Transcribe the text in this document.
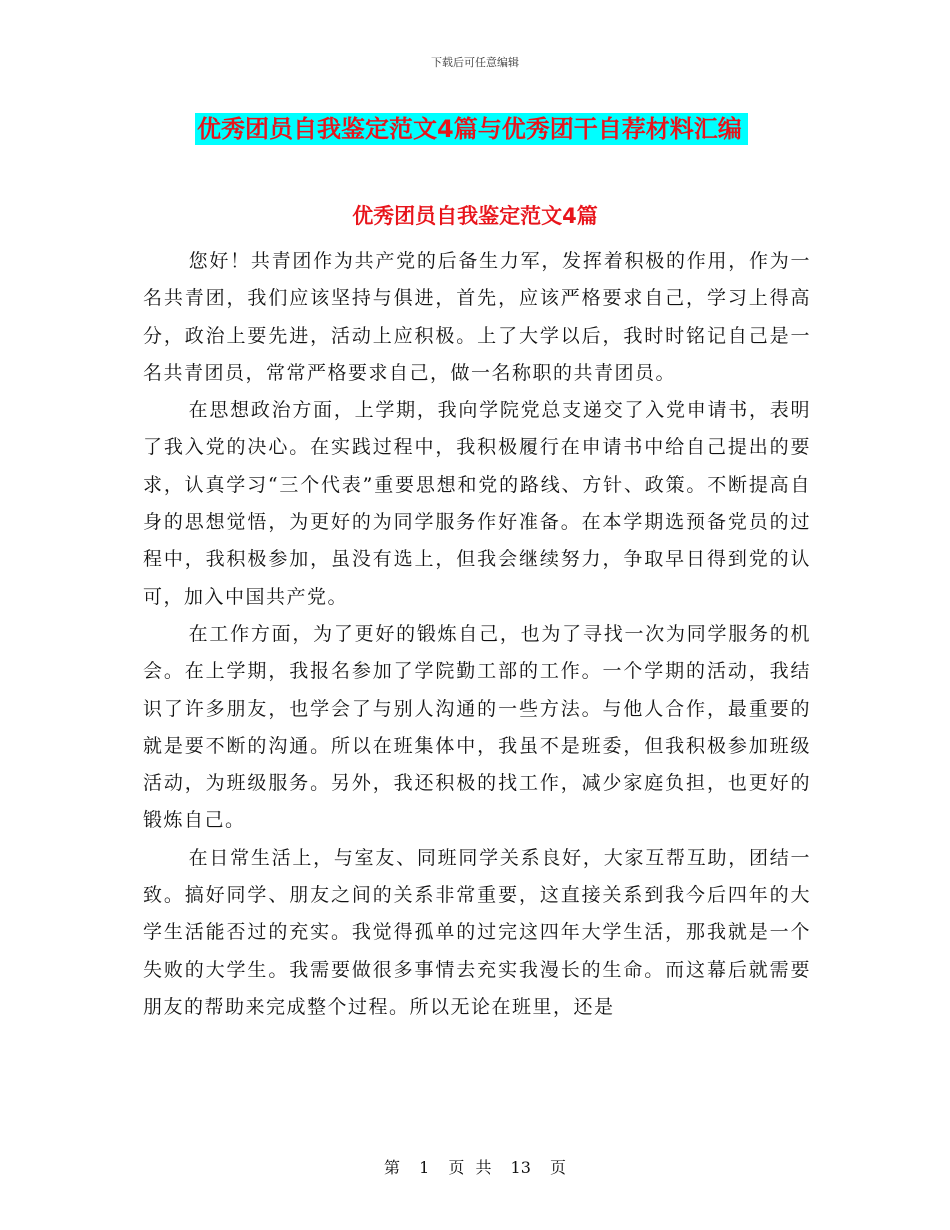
下载后可任意编辑
优秀团员自我鉴定范文4篇与优秀团干自荐材料汇编
优秀团员自我鉴定范文4篇

您好！共青团作为共产党的后备生力军，发挥着积极的作用，作为一名共青团，我们应该坚持与俱进，首先，应该严格要求自己，学习上得高分，政治上要先进，活动上应积极。上了大学以后，我时时铭记自己是一名共青团员，常常严格要求自己，做一名称职的共青团员。

在思想政治方面，上学期，我向学院党总支递交了入党申请书，表明了我入党的决心。在实践过程中，我积极履行在申请书中给自己提出的要求，认真学习“三个代表”重要思想和党的路线、方针、政策。不断提高自身的思想觉悟，为更好的为同学服务作好准备。在本学期选预备党员的过程中，我积极参加，虽没有选上，但我会继续努力，争取早日得到党的认可，加入中国共产党。

在工作方面，为了更好的锻炼自己，也为了寻找一次为同学服务的机会。在上学期，我报名参加了学院勤工部的工作。一个学期的活动，我结识了许多朋友，也学会了与别人沟通的一些方法。与他人合作，最重要的就是要不断的沟通。所以在班集体中，我虽不是班委，但我积极参加班级活动，为班级服务。另外，我还积极的找工作，减少家庭负担，也更好的锻炼自己。

在日常生活上，与室友、同班同学关系良好，大家互帮互助，团结一致。搞好同学、朋友之间的关系非常重要，这直接关系到我今后四年的大学生活能否过的充实。我觉得孤单的过完这四年大学生活，那我就是一个失败的大学生。我需要做很多事情去充实我漫长的生命。而这幕后就需要朋友的帮助来完成整个过程。所以无论在班里，还是

第 1 页 共 13 页
